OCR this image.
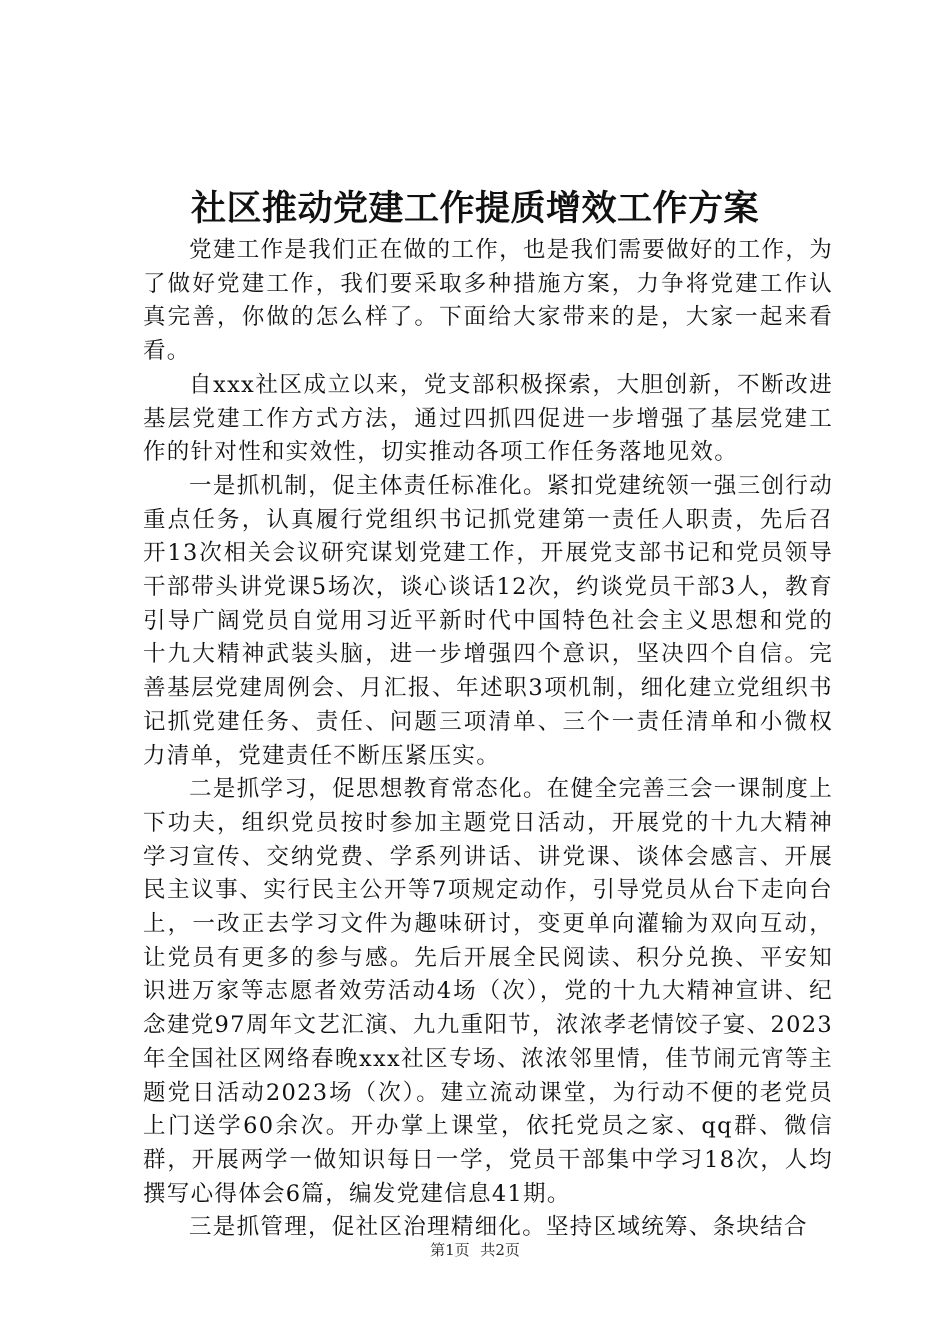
社区推动党建工作提质增效工作方案

党建工作是我们正在做的工作，也是我们需要做好的工作，为了做好党建工作，我们要采取多种措施方案，力争将党建工作认真完善，你做的怎么样了。下面给大家带来的是，大家一起来看看。

自xxx社区成立以来，党支部积极探索，大胆创新，不断改进基层党建工作方式方法，通过四抓四促进一步增强了基层党建工作的针对性和实效性，切实推动各项工作任务落地见效。

一是抓机制，促主体责任标准化。紧扣党建统领一强三创行动重点任务，认真履行党组织书记抓党建第一责任人职责，先后召开13次相关会议研究谋划党建工作，开展党支部书记和党员领导干部带头讲党课5场次，谈心谈话12次，约谈党员干部3人，教育引导广阔党员自觉用习近平新时代中国特色社会主义思想和党的十九大精神武装头脑，进一步增强四个意识，坚决四个自信。完善基层党建周例会、月汇报、年述职3项机制，细化建立党组织书记抓党建任务、责任、问题三项清单、三个一责任清单和小微权力清单，党建责任不断压紧压实。

二是抓学习，促思想教育常态化。在健全完善三会一课制度上下功夫，组织党员按时参加主题党日活动，开展党的十九大精神学习宣传、交纳党费、学系列讲话、讲党课、谈体会感言、开展民主议事、实行民主公开等7项规定动作，引导党员从台下走向台上，一改正去学习文件为趣味研讨，变更单向灌输为双向互动，让党员有更多的参与感。先后开展全民阅读、积分兑换、平安知识进万家等志愿者效劳活动4场（次），党的十九大精神宣讲、纪念建党97周年文艺汇演、九九重阳节，浓浓孝老情饺子宴、2023年全国社区网络春晚xxx社区专场、浓浓邻里情，佳节闹元宵等主题党日活动2023场（次）。建立流动课堂，为行动不便的老党员上门送学60余次。开办掌上课堂，依托党员之家、qq群、微信群，开展两学一做知识每日一学，党员干部集中学习18次，人均撰写心得体会6篇，编发党建信息41期。

三是抓管理，促社区治理精细化。坚持区域统筹、条块结合

第1页 共2页
